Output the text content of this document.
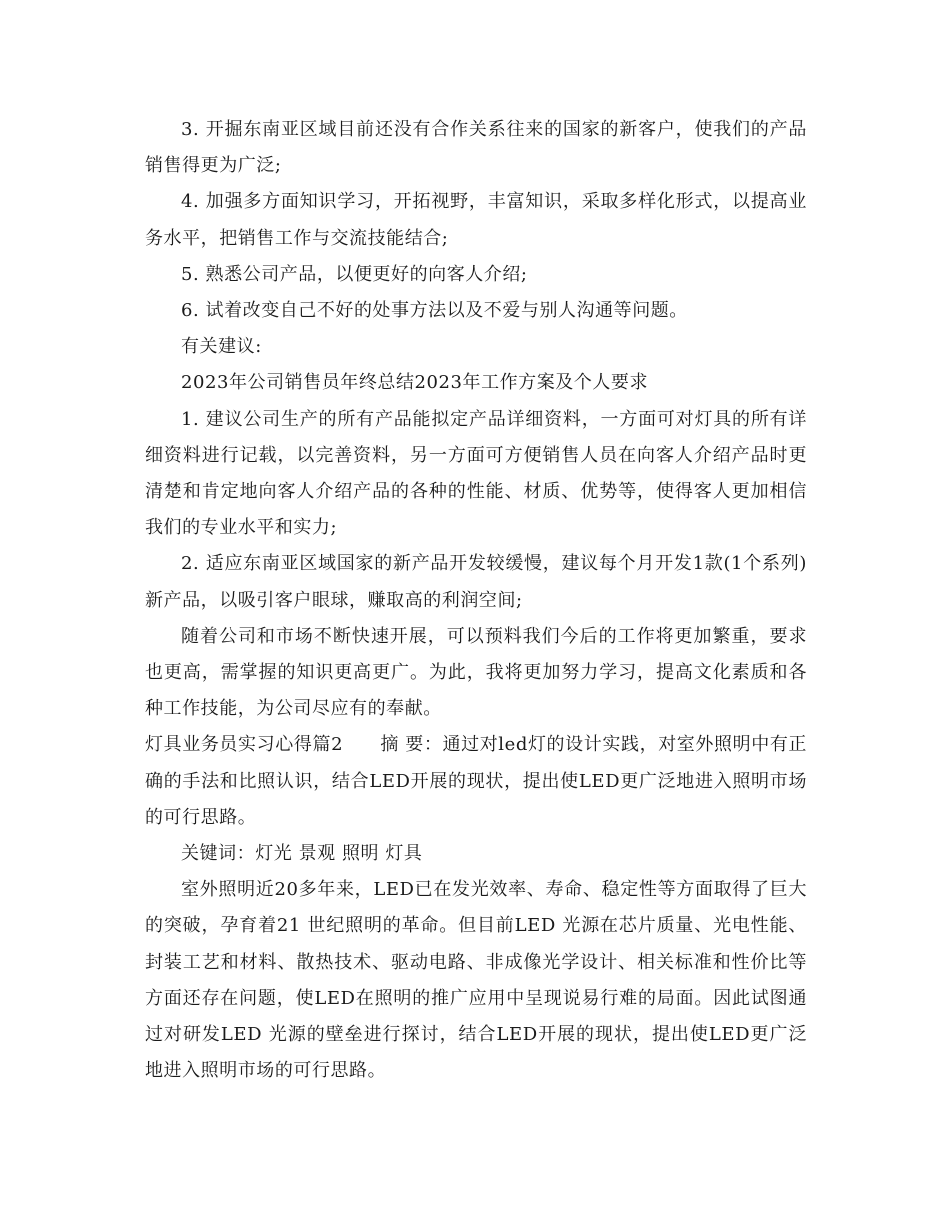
3. 开掘东南亚区域目前还没有合作关系往来的国家的新客户，使我们的产品销售得更为广泛;

4. 加强多方面知识学习，开拓视野，丰富知识，采取多样化形式，以提高业务水平，把销售工作与交流技能结合;

5. 熟悉公司产品，以便更好的向客人介绍;

6. 试着改变自己不好的处事方法以及不爱与别人沟通等问题。

有关建议:

2023年公司销售员年终总结2023年工作方案及个人要求

1. 建议公司生产的所有产品能拟定产品详细资料，一方面可对灯具的所有详细资料进行记载，以完善资料，另一方面可方便销售人员在向客人介绍产品时更清楚和肯定地向客人介绍产品的各种的性能、材质、优势等，使得客人更加相信我们的专业水平和实力;

2. 适应东南亚区域国家的新产品开发较缓慢，建议每个月开发1款(1个系列)新产品，以吸引客户眼球，赚取高的利润空间;

随着公司和市场不断快速开展，可以预料我们今后的工作将更加繁重，要求也更高，需掌握的知识更高更广。为此，我将更加努力学习，提高文化素质和各种工作技能，为公司尽应有的奉献。

灯具业务员实习心得篇2　　摘 要：通过对led灯的设计实践，对室外照明中有正确的手法和比照认识，结合LED开展的现状，提出使LED更广泛地进入照明市场的可行思路。

关键词：灯光 景观 照明 灯具

室外照明近20多年来，LED已在发光效率、寿命、稳定性等方面取得了巨大的突破，孕育着21 世纪照明的革命。但目前LED 光源在芯片质量、光电性能、封装工艺和材料、散热技术、驱动电路、非成像光学设计、相关标准和性价比等方面还存在问题，使LED在照明的推广应用中呈现说易行难的局面。因此试图通过对研发LED 光源的壁垒进行探讨，结合LED开展的现状，提出使LED更广泛地进入照明市场的可行思路。
